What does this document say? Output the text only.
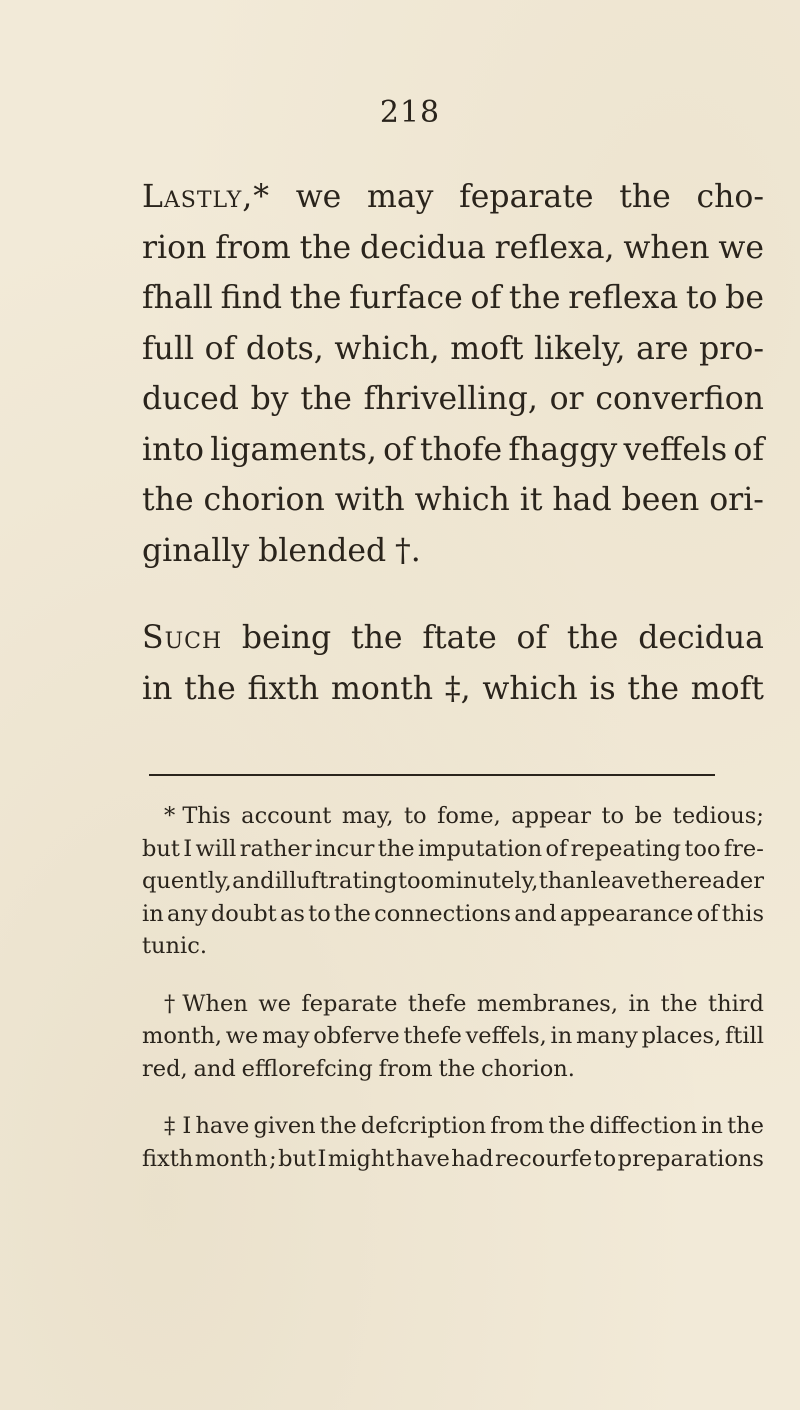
218
Lastly,* we may feparate the cho-
rion from the decidua reflexa, when we
fhall find the furface of the reflexa to be
full of dots, which, moft likely, are pro-
duced by the fhrivelling, or converfion
into ligaments, of thofe fhaggy veffels of
the chorion with which it had been ori-
ginally blended †.
Such being the ftate of the decidua
in the fixth month ‡, which is the moft
* This account may, to fome, appear to be tedious;
but I will rather incur the imputation of repeating too fre-
quently, and illuftrating too minutely, than leave the reader
in any doubt as to the connections and appearance of this
tunic.
† When we feparate thefe membranes, in the third
month, we may obferve thefe veffels, in many places, ftill
red, and efflorefcing from the chorion.
‡ I have given the defcription from the diffection in the
fixth month ; but I might have had recourfe to preparations
